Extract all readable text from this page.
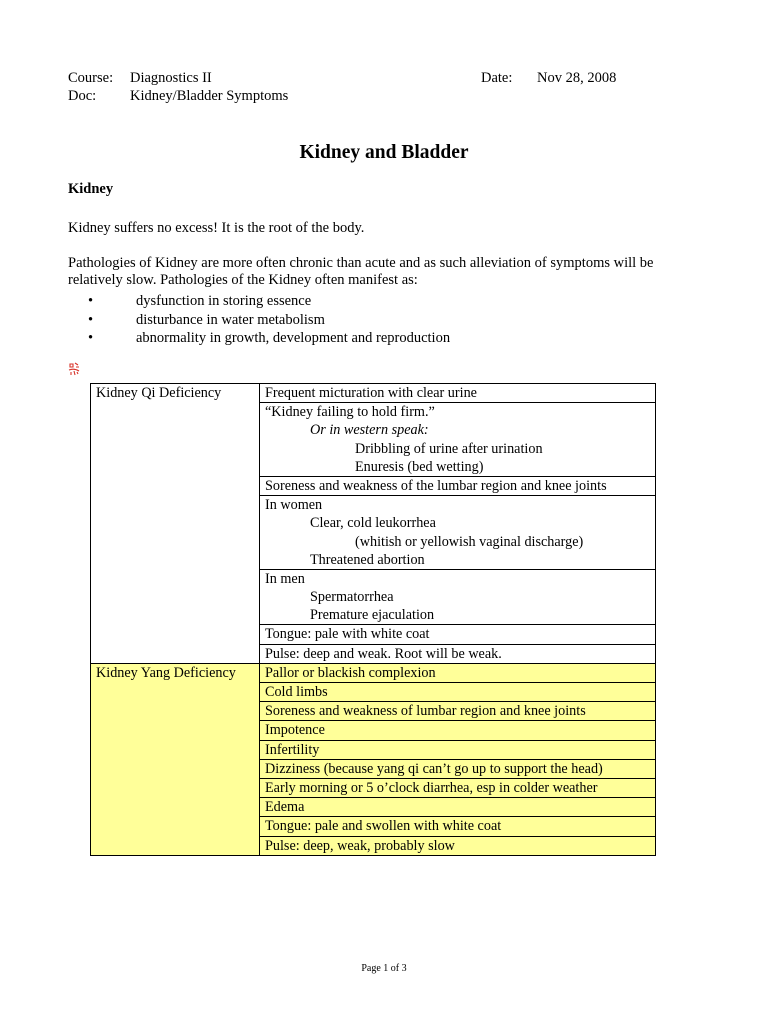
Course: Diagnostics II
Doc: Kidney/Bladder Symptoms
Date: Nov 28, 2008
Kidney and Bladder
Kidney
Kidney suffers no excess! It is the root of the body.
Pathologies of Kidney are more often chronic than acute and as such alleviation of symptoms will be relatively slow. Pathologies of the Kidney often manifest as:
•	dysfunction in storing essence
•	disturbance in water metabolism
•	abnormality in growth, development and reproduction
Kidney Qi Deficiency	Frequent micturation with clear urine

	“Kidney failing to hold firm.”
Or in western speak:
Dribbling of urine after urination
Enuresis (bed wetting)

	Soreness and weakness of the lumbar region and knee joints

	In women
Clear, cold leukorrhea
(whitish or yellowish vaginal discharge)
Threatened abortion

	In men
Spermatorrhea
Premature ejaculation

	Tongue: pale with white coat

	Pulse: deep and weak. Root will be weak.

Kidney Yang Deficiency	Pallor or blackish complexion

	Cold limbs

	Soreness and weakness of lumbar region and knee joints

	Impotence

	Infertility

	Dizziness (because yang qi can’t go up to support the head)

	Early morning or 5 o’clock diarrhea, esp in colder weather

	Edema

	Tongue: pale and swollen with white coat

	Pulse: deep, weak, probably slow
Page 1 of 3
